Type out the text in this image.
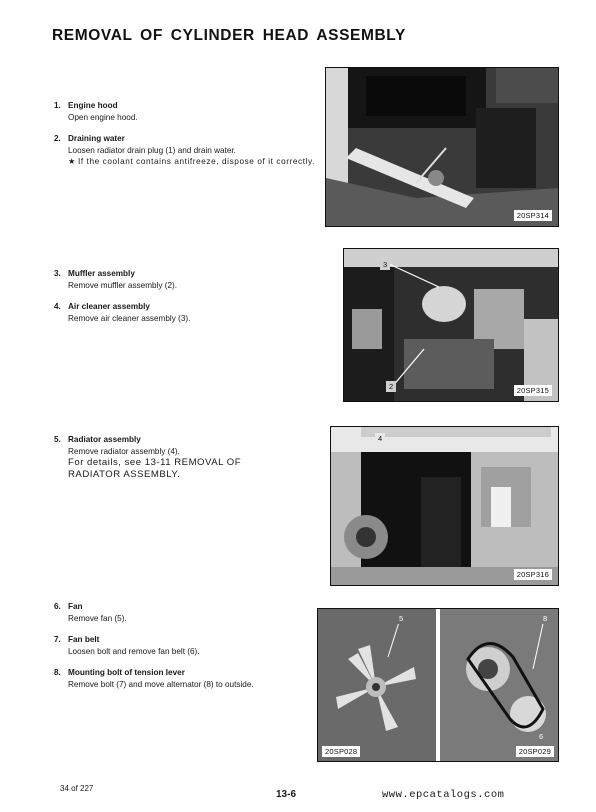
REMOVAL OF CYLINDER HEAD ASSEMBLY
1. Engine hood
Open engine hood.
2. Draining water
Loosen radiator drain plug (1) and drain water.
★ If the coolant contains antifreeze, dispose of it correctly.
20SP314
3. Muffler assembly
Remove muffler assembly (2).
4. Air cleaner assembly
Remove air cleaner assembly (3).
3
2	20SP315
5. Radiator assembly
Remove radiator assembly (4).
For details, see 13-11 REMOVAL OF
RADIATOR ASSEMBLY.
4
20SP316
6. Fan
Remove fan (5).
7. Fan belt
Loosen bolt and remove fan belt (6).
8. Mounting bolt of tension lever
Remove bolt (7) and move alternator (8) to outside.
5	8
6
20SP028	20SP029
34 of 227
13-6	www.epcatalogs.com
